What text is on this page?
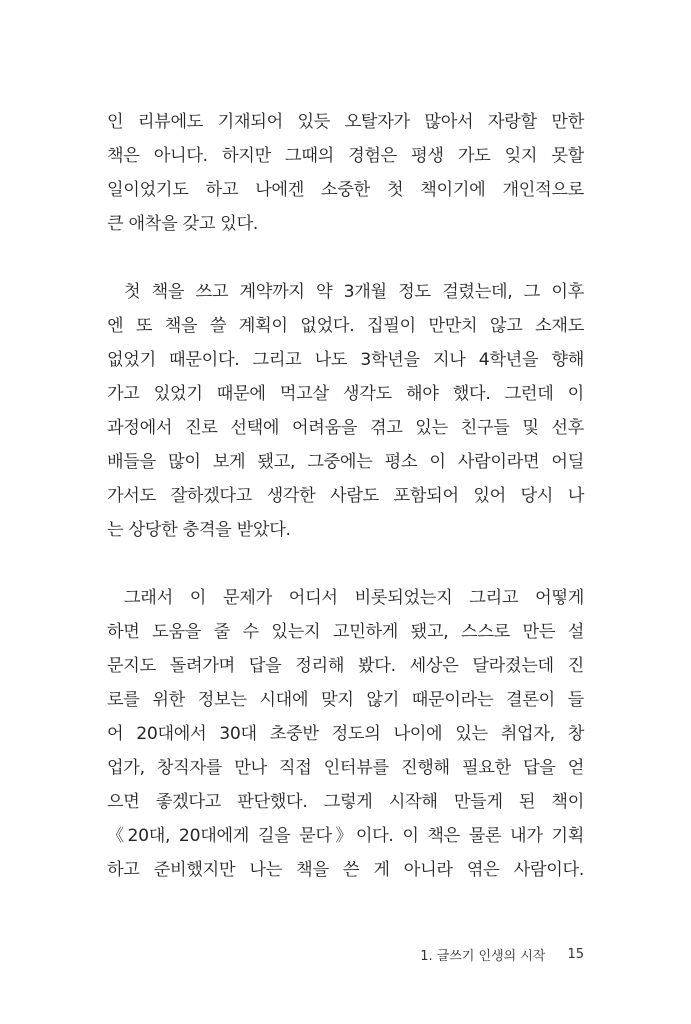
인 리뷰에도 기재되어 있듯 오탈자가 많아서 자랑할 만한
책은 아니다. 하지만 그때의 경험은 평생 가도 잊지 못할
일이었기도 하고 나에겐 소중한 첫 책이기에 개인적으로
큰 애착을 갖고 있다.
첫 책을 쓰고 계약까지 약 3개월 정도 걸렸는데, 그 이후
엔 또 책을 쓸 계획이 없었다. 집필이 만만치 않고 소재도
없었기 때문이다. 그리고 나도 3학년을 지나 4학년을 향해
가고 있었기 때문에 먹고살 생각도 해야 했다. 그런데 이
과정에서 진로 선택에 어려움을 겪고 있는 친구들 및 선후
배들을 많이 보게 됐고, 그중에는 평소 이 사람이라면 어딜
가서도 잘하겠다고 생각한 사람도 포함되어 있어 당시 나
는 상당한 충격을 받았다.
그래서 이 문제가 어디서 비롯되었는지 그리고 어떻게
하면 도움을 줄 수 있는지 고민하게 됐고, 스스로 만든 설
문지도 돌려가며 답을 정리해 봤다. 세상은 달라졌는데 진
로를 위한 정보는 시대에 맞지 않기 때문이라는 결론이 들
어 20대에서 30대 초중반 정도의 나이에 있는 취업자, 창
업가, 창직자를 만나 직접 인터뷰를 진행해 필요한 답을 얻
으면 좋겠다고 판단했다. 그렇게 시작해 만들게 된 책이
《20대, 20대에게 길을 묻다》이다. 이 책은 물론 내가 기획
하고 준비했지만 나는 책을 쓴 게 아니라 엮은 사람이다.
1. 글쓰기 인생의 시작 15
